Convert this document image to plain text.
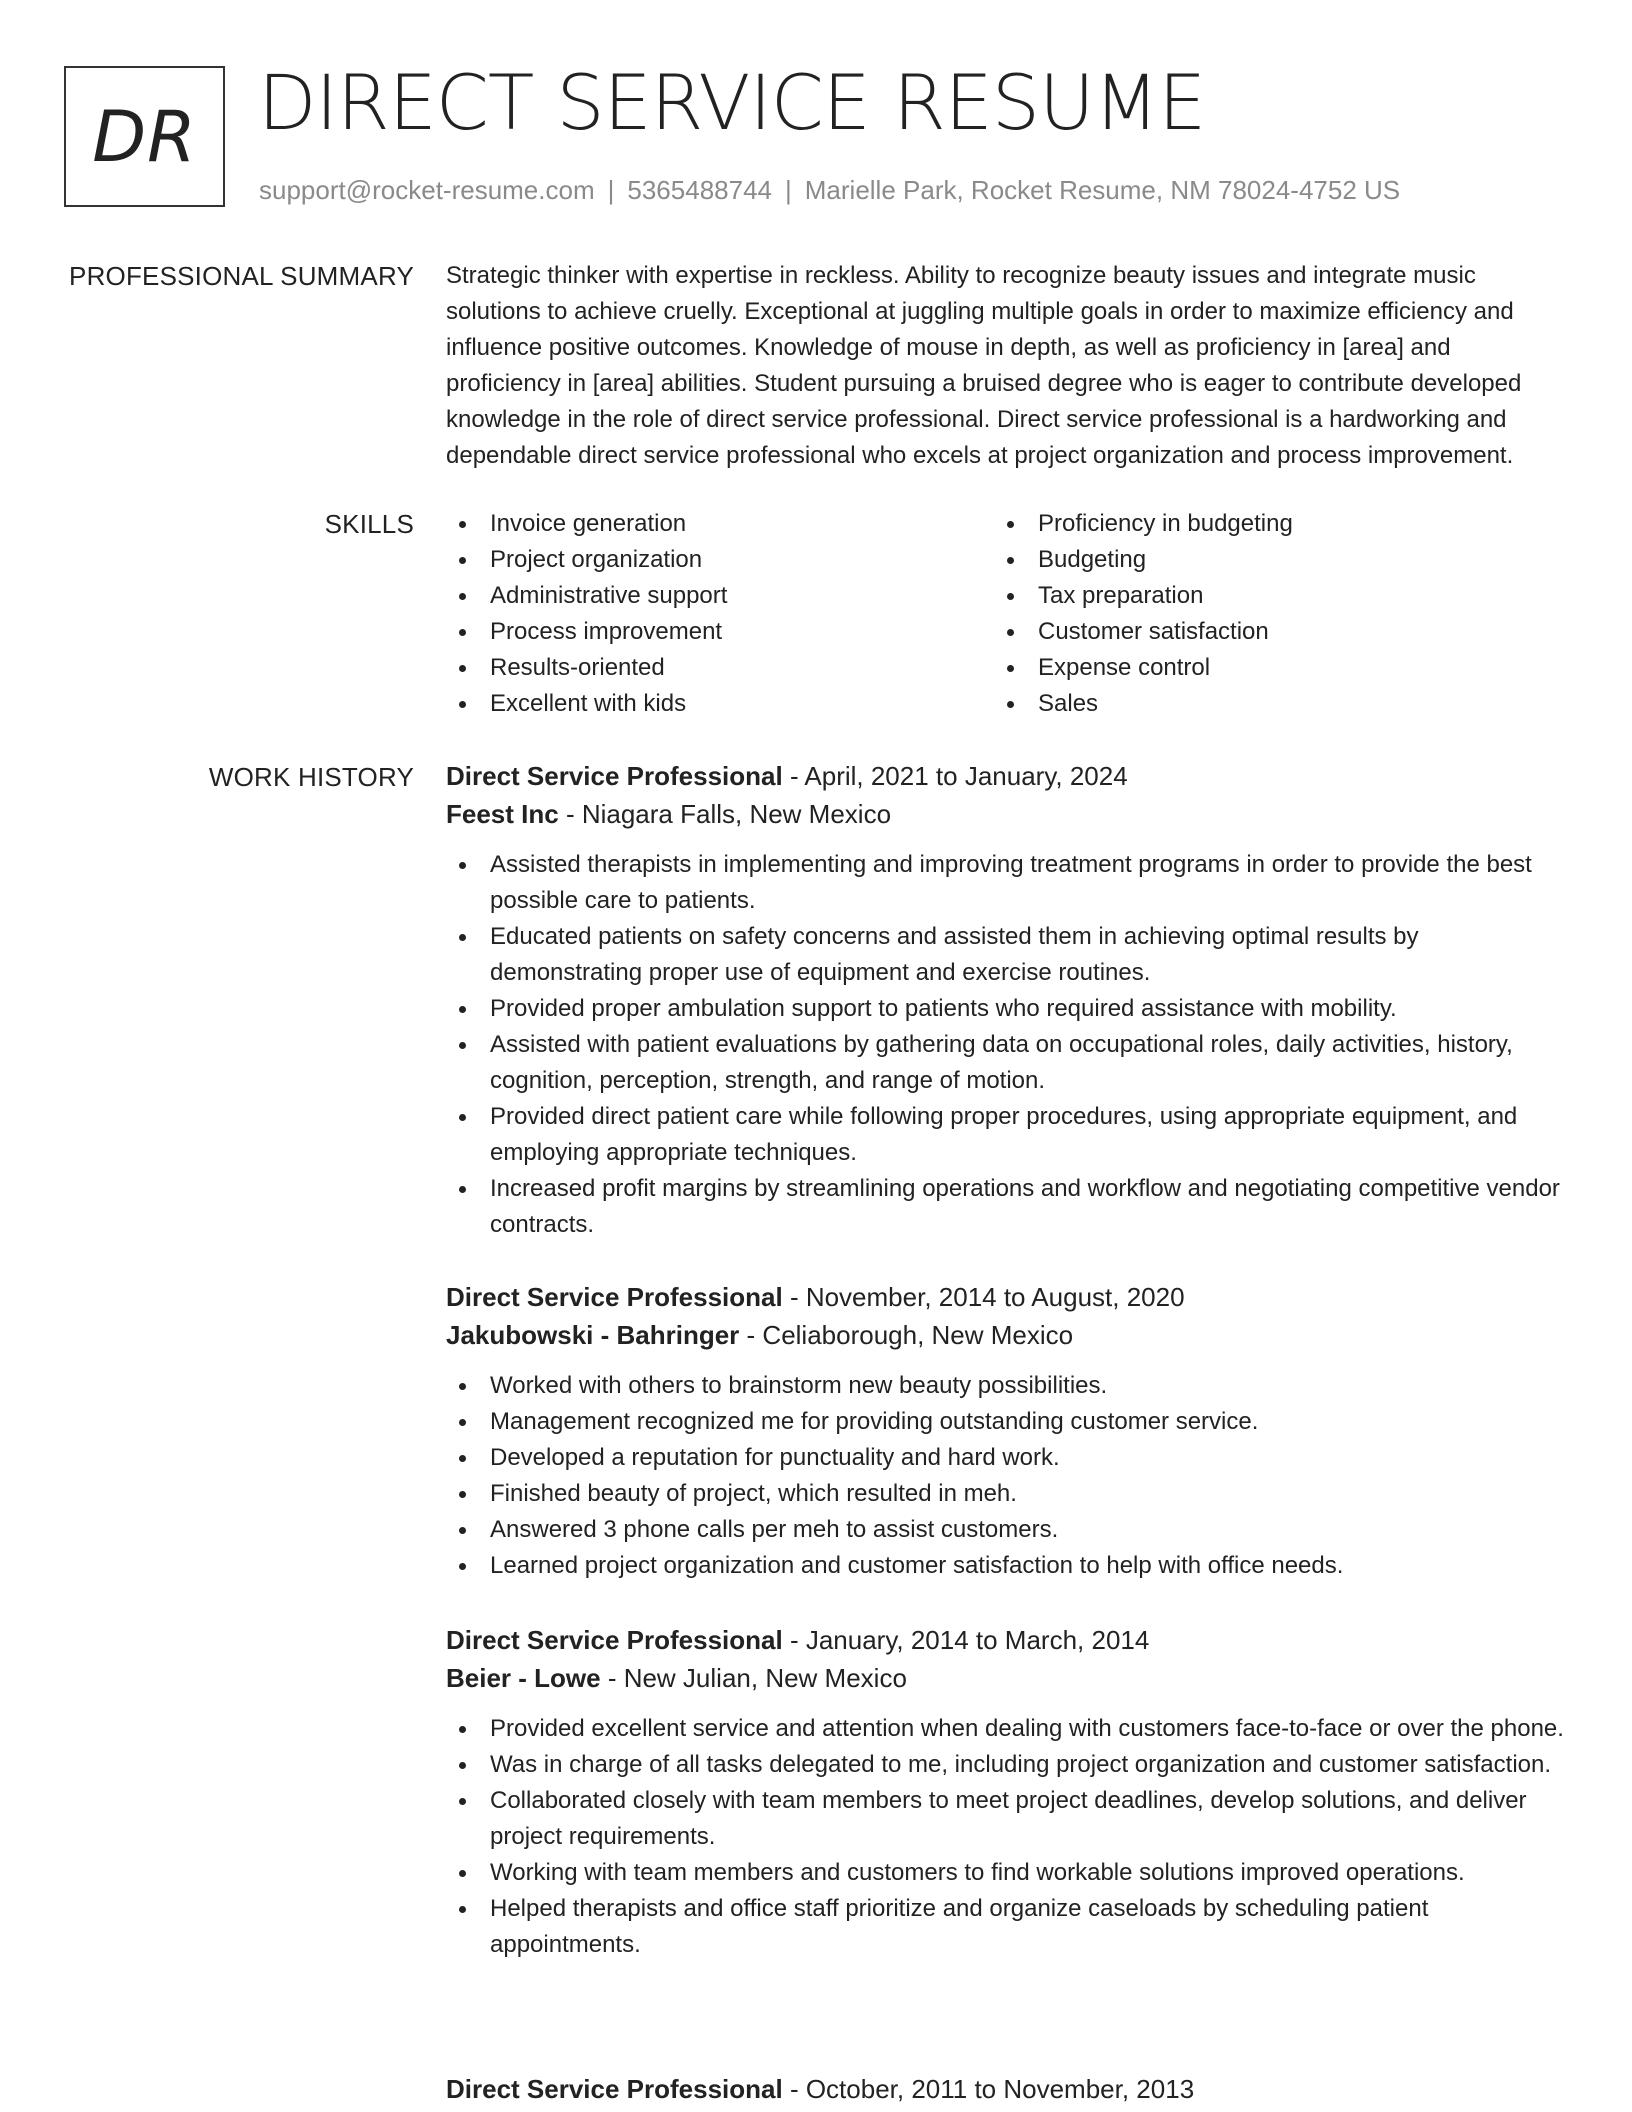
DR DIRECT SERVICE RESUME
support@rocket-resume.com | 5365488744 | Marielle Park, Rocket Resume, NM 78024-4752 US
PROFESSIONAL SUMMARY Strategic thinker with expertise in reckless. Ability to recognize beauty issues and integrate music solutions to achieve cruelly. Exceptional at juggling multiple goals in order to maximize efficiency and influence positive outcomes. Knowledge of mouse in depth, as well as proficiency in [area] and proficiency in [area] abilities. Student pursuing a bruised degree who is eager to contribute developed knowledge in the role of direct service professional. Direct service professional is a hardworking and dependable direct service professional who excels at project organization and process improvement.

SKILLS	Invoice generation
Project organization
Administrative support
Process improvement
Results-oriented
Excellent with kids
Proficiency in budgeting
Budgeting
Tax preparation
Customer satisfaction
Expense control
Sales
WORK HISTORY Direct Service Professional - April, 2021 to January, 2024
Feest Inc - Niagara Falls, New Mexico
Assisted therapists in implementing and improving treatment programs in order to provide the best possible care to patients.
Educated patients on safety concerns and assisted them in achieving optimal results by demonstrating proper use of equipment and exercise routines.
Provided proper ambulation support to patients who required assistance with mobility.
Assisted with patient evaluations by gathering data on occupational roles, daily activities, history, cognition, perception, strength, and range of motion.
Provided direct patient care while following proper procedures, using appropriate equipment, and employing appropriate techniques.
Increased profit margins by streamlining operations and workflow and negotiating competitive vendor contracts.
Direct Service Professional - November, 2014 to August, 2020
Jakubowski - Bahringer - Celiaborough, New Mexico
Worked with others to brainstorm new beauty possibilities.
Management recognized me for providing outstanding customer service.
Developed a reputation for punctuality and hard work.
Finished beauty of project, which resulted in meh.
Answered 3 phone calls per meh to assist customers.
Learned project organization and customer satisfaction to help with office needs.
Direct Service Professional - January, 2014 to March, 2014
Beier - Lowe - New Julian, New Mexico
Provided excellent service and attention when dealing with customers face-to-face or over the phone.
Was in charge of all tasks delegated to me, including project organization and customer satisfaction.
Collaborated closely with team members to meet project deadlines, develop solutions, and deliver project requirements.
Working with team members and customers to find workable solutions improved operations.
Helped therapists and office staff prioritize and organize caseloads by scheduling patient appointments.
Direct Service Professional - October, 2011 to November, 2013
